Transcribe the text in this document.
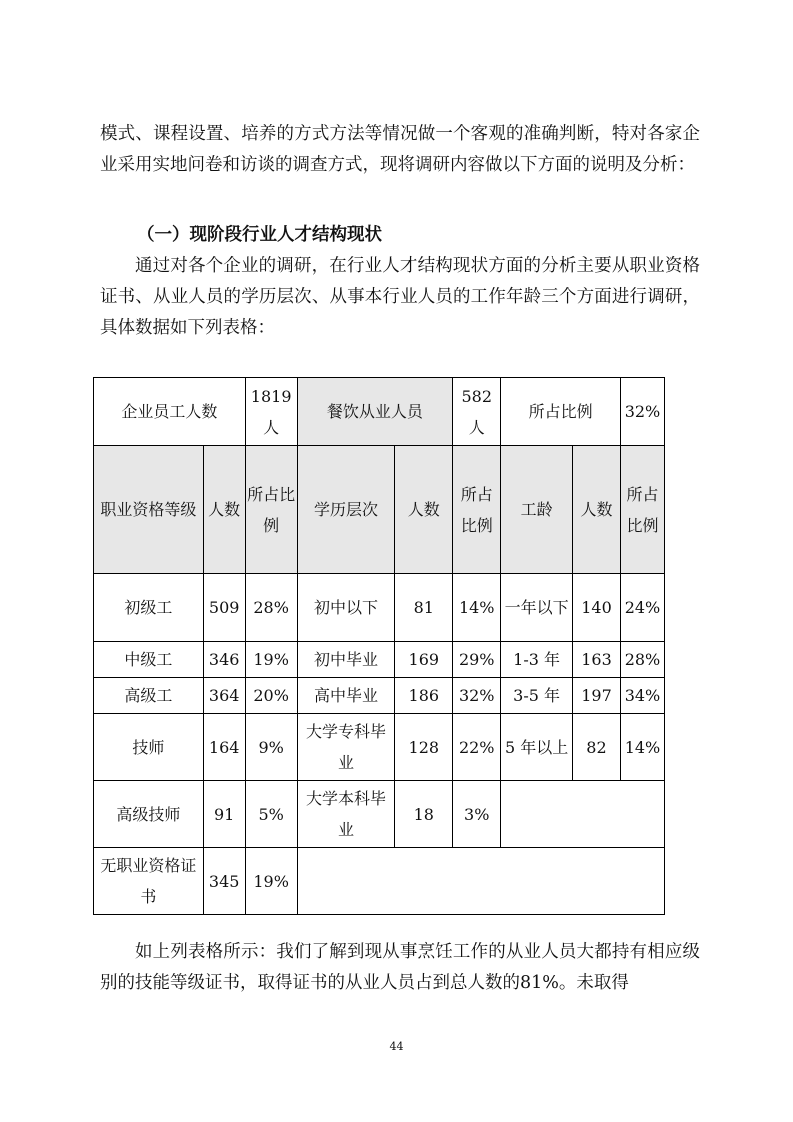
模式、课程设置、培养的方式方法等情况做一个客观的准确判断，特对各家企业采用实地问卷和访谈的调查方式，现将调研内容做以下方面的说明及分析：
（一）现阶段行业人才结构现状
通过对各个企业的调研，在行业人才结构现状方面的分析主要从职业资格证书、从业人员的学历层次、从事本行业人员的工作年龄三个方面进行调研，具体数据如下列表格：
企业员工人数		1819人	餐饮从业人员		582人	所占比例		32%
职业资格等级	人数	所占比例	学历层次	人数	所占比例	工龄	人数	所占比例
初级工	509	28%	初中以下	81	14%	一年以下	140	24%
中级工	346	19%	初中毕业	169	29%	1-3 年	163	28%
高级工	364	20%	高中毕业	186	32%	3-5 年	197	34%
技师	164	9%	大学专科毕业	128	22%	5 年以上	82	14%
高级技师	91	5%	大学本科毕业	18	3%			
无职业资格证书	345	19%						
如上列表格所示：我们了解到现从事烹饪工作的从业人员大都持有相应级别的技能等级证书，取得证书的从业人员占到总人数的81%。未取得
44
